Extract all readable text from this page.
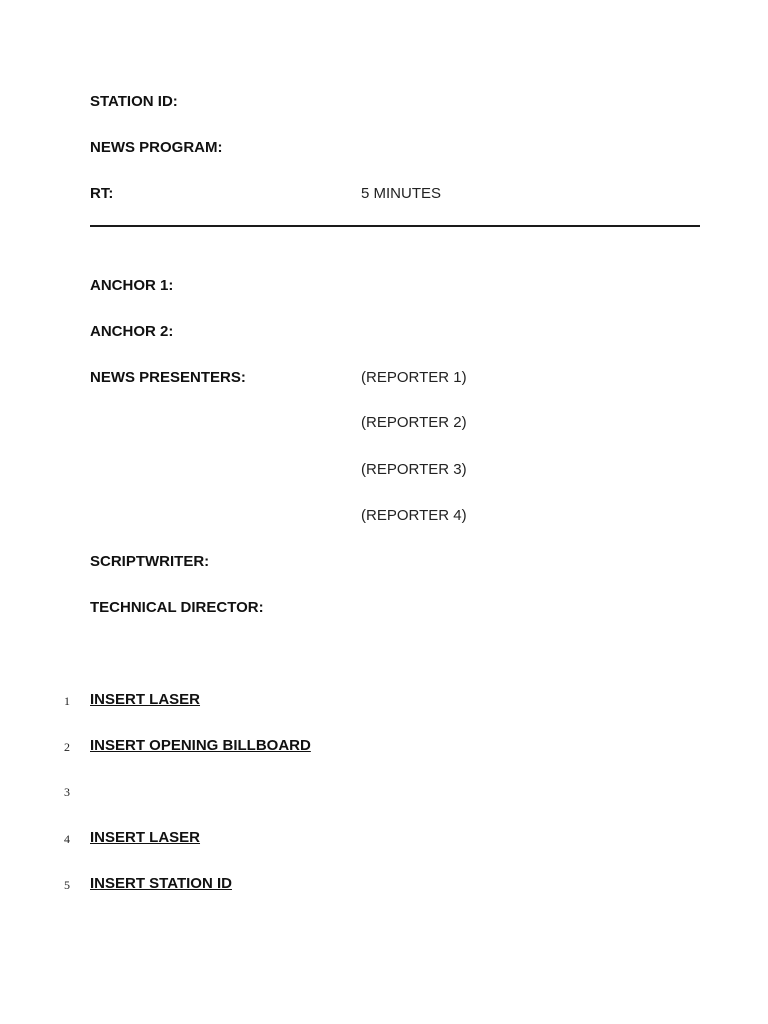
STATION ID:
NEWS PROGRAM:
RT:	5 MINUTES
ANCHOR 1:
ANCHOR 2:
NEWS PRESENTERS:	(REPORTER 1)
(REPORTER 2)
(REPORTER 3)
(REPORTER 4)
SCRIPTWRITER:
TECHNICAL DIRECTOR:
1	INSERT LASER
2	INSERT OPENING BILLBOARD
3
4	INSERT LASER
5	INSERT STATION ID
